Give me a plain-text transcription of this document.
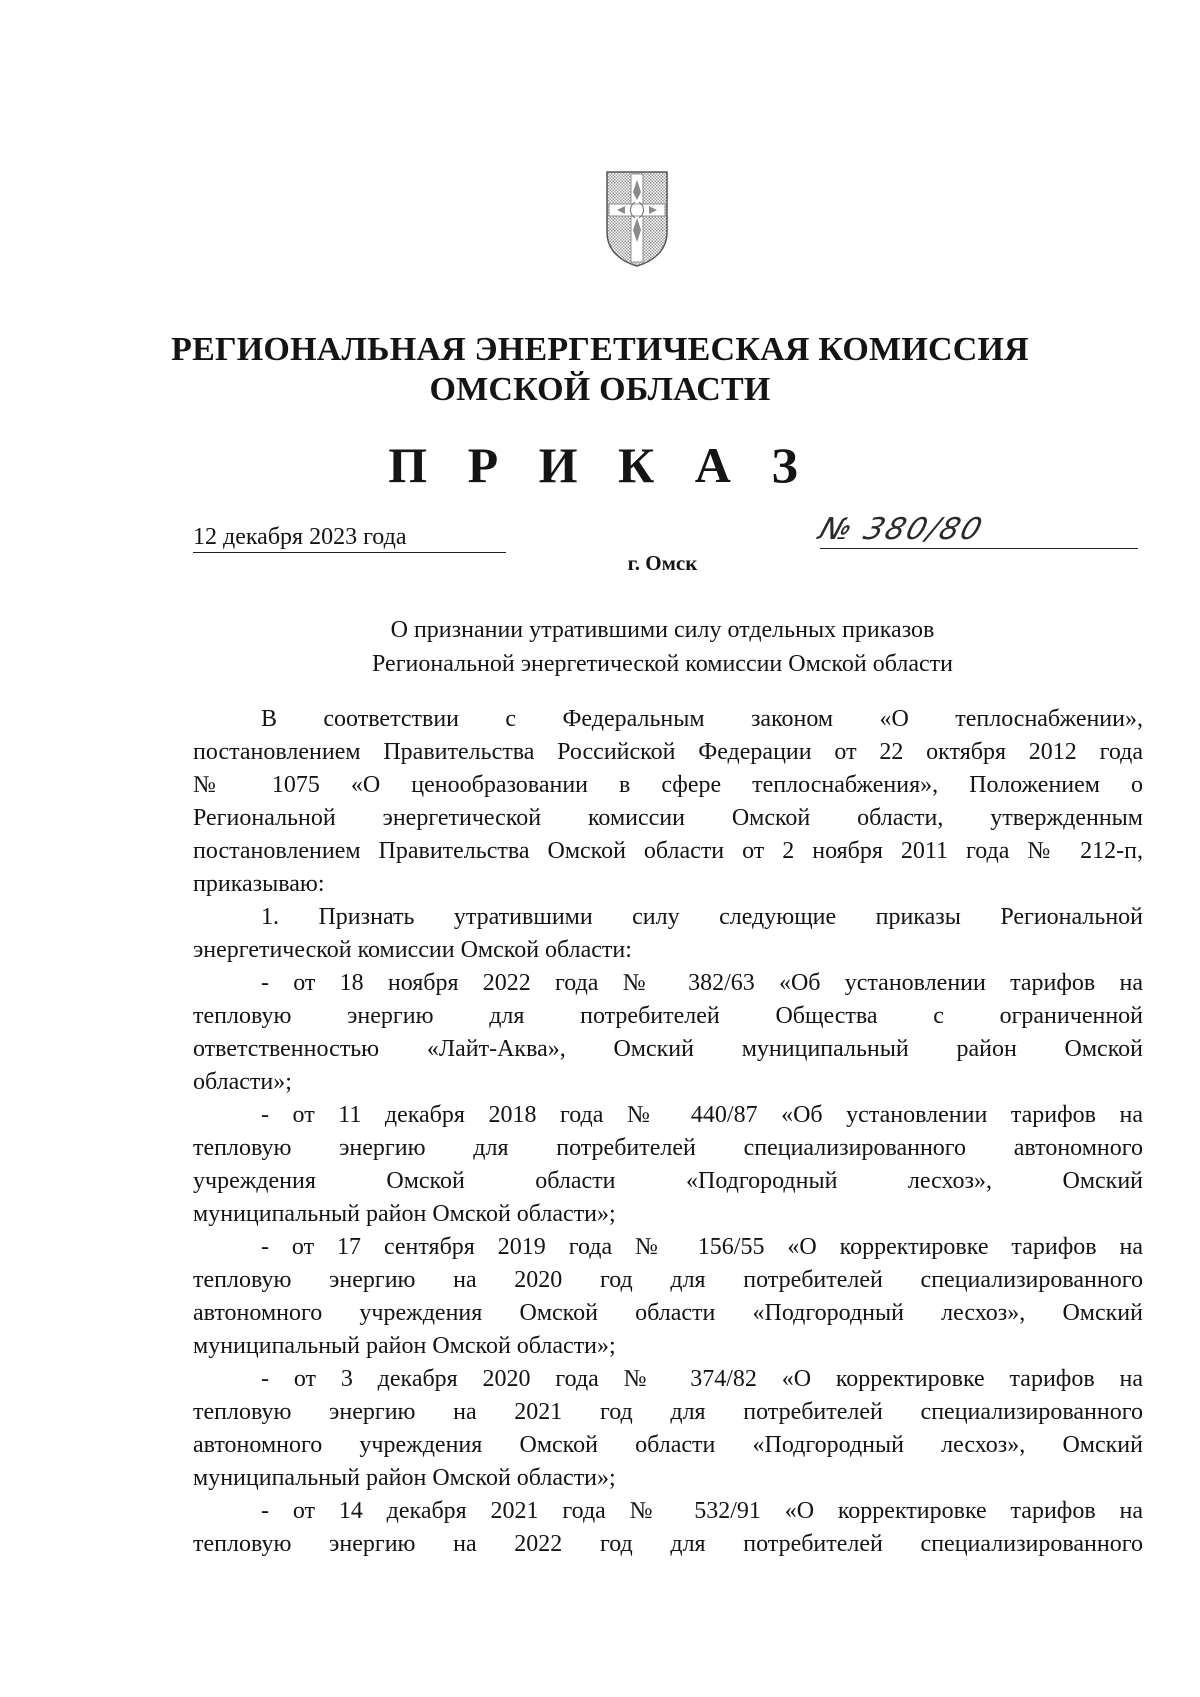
РЕГИОНАЛЬНАЯ ЭНЕРГЕТИЧЕСКАЯ КОМИССИЯ
ОМСКОЙ ОБЛАСТИ
П Р И К А З
12 декабря 2023 года	№ 380/80
г. Омск
О признании утратившими силу отдельных приказов
Региональной энергетической комиссии Омской области
В соответствии с Федеральным законом «О теплоснабжении»,
постановлением Правительства Российской Федерации от 22 октября 2012 года
№ 1075 «О ценообразовании в сфере теплоснабжения», Положением о
Региональной энергетической комиссии Омской области, утвержденным
постановлением Правительства Омской области от 2 ноября 2011 года № 212-п,
приказываю:
1. Признать утратившими силу следующие приказы Региональной
энергетической комиссии Омской области:
- от 18 ноября 2022 года № 382/63 «Об установлении тарифов на
тепловую энергию для потребителей Общества с ограниченной
ответственностью «Лайт-Аква», Омский муниципальный район Омской
области»;
- от 11 декабря 2018 года № 440/87 «Об установлении тарифов на
тепловую энергию для потребителей специализированного автономного
учреждения Омской области «Подгородный лесхоз», Омский
муниципальный район Омской области»;
- от 17 сентября 2019 года № 156/55 «О корректировке тарифов на
тепловую энергию на 2020 год для потребителей специализированного
автономного учреждения Омской области «Подгородный лесхоз», Омский
муниципальный район Омской области»;
- от 3 декабря 2020 года № 374/82 «О корректировке тарифов на
тепловую энергию на 2021 год для потребителей специализированного
автономного учреждения Омской области «Подгородный лесхоз», Омский
муниципальный район Омской области»;
- от 14 декабря 2021 года № 532/91 «О корректировке тарифов на
тепловую энергию на 2022 год для потребителей специализированного
